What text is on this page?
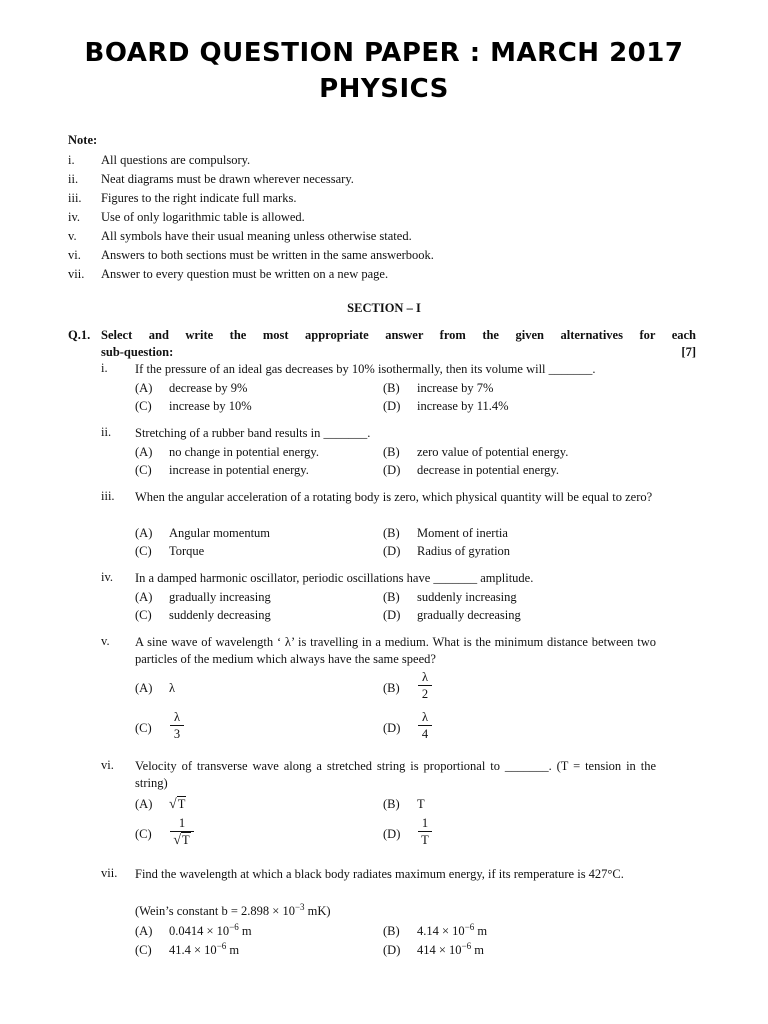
BOARD QUESTION PAPER : MARCH 2017
PHYSICS
Note:
i. All questions are compulsory.
ii. Neat diagrams must be drawn wherever necessary.
iii. Figures to the right indicate full marks.
iv. Use of only logarithmic table is allowed.
v. All symbols have their usual meaning unless otherwise stated.
vi. Answers to both sections must be written in the same answerbook.
vii. Answer to every question must be written on a new page.
SECTION – I
Q.1. Select and write the most appropriate answer from the given alternatives for each
sub-question:	[7]
i. If the pressure of an ideal gas decreases by 10% isothermally, then its volume will _______.
(A) decrease by 9%	(B) increase by 7%
(C) increase by 10%	(D) increase by 11.4%
ii. Stretching of a rubber band results in _______.
(A) no change in potential energy.	(B) zero value of potential energy.
(C) increase in potential energy.	(D) decrease in potential energy.
iii. When the angular acceleration of a rotating body is zero, which physical quantity will be equal to zero?
(A) Angular momentum	(B) Moment of inertia
(C) Torque	(D) Radius of gyration
iv. In a damped harmonic oscillator, periodic oscillations have _______ amplitude.
(A) gradually increasing	(B) suddenly increasing
(C) suddenly decreasing	(D) gradually decreasing
v. A sine wave of wavelength ‘ λ’ is travelling in a medium. What is the minimum distance between two particles of the medium which always have the same speed?
(A) λ	(B)
λ
2
(C)
λ
3	(D)
λ
4
vi. Velocity of transverse wave along a stretched string is proportional to _______. (T = tension in the string)
(A) √T	(B) T
(C)
1
√T	(D)
1
T
vii. Find the wavelength at which a black body radiates maximum energy, if its remperature is 427°C.
(Wein’s constant $b = 2.898 \times 10^{-3}$ mK)
(A) $0.0414 \times 10^{-6}$ m	(B) $4.14 \times 10^{-6}$ m
(C) $41.4 \times 10^{-6}$ m	(D) $414 \times 10^{-6}$ m
